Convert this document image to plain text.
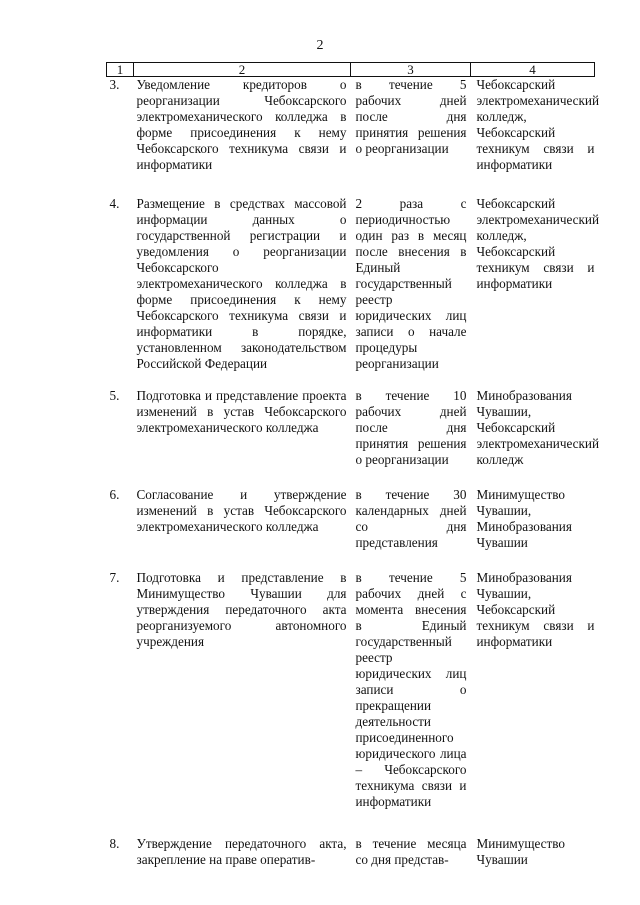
2
1	2	3	4
3.	Уведомление кредиторов о реорганизации Чебоксарского электромеханического колледжа в форме присоединения к нему Чебоксарского техникума связи и информатики	в течение 5 рабочих дней после дня принятия решения о реорганизации	Чебоксарский электромеханический колледж, Чебоксарский техникум связи и информатики
4.	Размещение в средствах массовой информации данных о государственной регистрации и уведомления о реорганизации Чебоксарского электромеханического колледжа в форме присоединения к нему Чебоксарского техникума связи и информатики в порядке, установленном законодательством Российской Федерации	2 раза с периодичностью один раз в месяц после внесения в Единый государственный реестр юридических лиц записи о начале процедуры реорганизации	Чебоксарский электромеханический колледж, Чебоксарский техникум связи и информатики
5.	Подготовка и представление проекта изменений в устав Чебоксарского электромеханического колледжа	в течение 10 рабочих дней после дня принятия решения о реорганизации	Минобразования Чувашии, Чебоксарский электромеханический колледж
6.	Согласование и утверждение изменений в устав Чебоксарского электромеханического колледжа	в течение 30 календарных дней со дня представления	Минимущество Чувашии, Минобразования Чувашии
7.	Подготовка и представление в Минимущество Чувашии для утверждения передаточного акта реорганизуемого автономного учреждения	в течение 5 рабочих дней с момента внесения в Единый государственный реестр юридических лиц записи о прекращении деятельности присоединенного юридического лица – Чебоксарского техникума связи и информатики	Минобразования Чувашии, Чебоксарский техникум связи и информатики
8.	Утверждение передаточного акта, закрепление на праве оператив-	в течение месяца со дня представ-	Минимущество Чувашии
